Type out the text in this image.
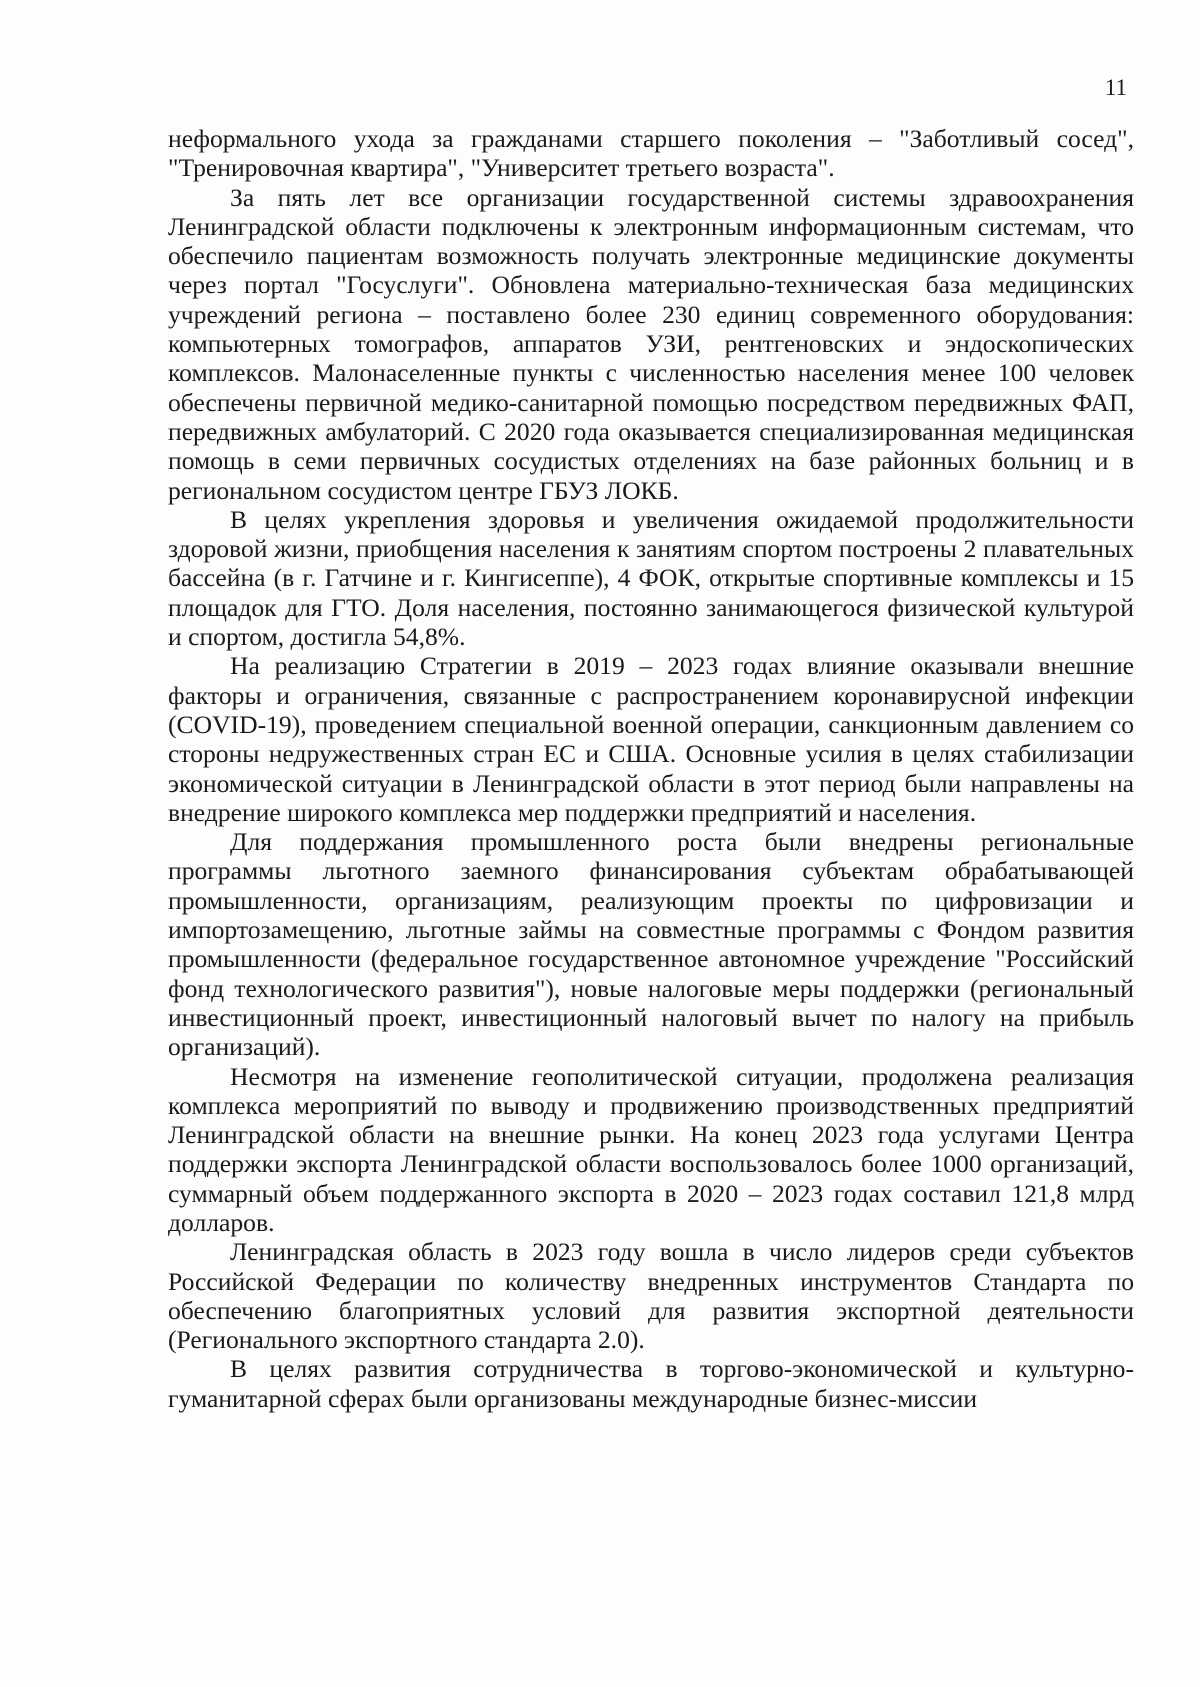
11

неформального ухода за гражданами старшего поколения – "Заботливый сосед", "Тренировочная квартира", "Университет третьего возраста".

За пять лет все организации государственной системы здравоохранения Ленинградской области подключены к электронным информационным системам, что обеспечило пациентам возможность получать электронные медицинские документы через портал "Госуслуги". Обновлена материально-техническая база медицинских учреждений региона – поставлено более 230 единиц современного оборудования: компьютерных томографов, аппаратов УЗИ, рентгеновских и эндоскопических комплексов. Малонаселенные пункты с численностью населения менее 100 человек обеспечены первичной медико-санитарной помощью посредством передвижных ФАП, передвижных амбулаторий. С 2020 года оказывается специализированная медицинская помощь в семи первичных сосудистых отделениях на базе районных больниц и в региональном сосудистом центре ГБУЗ ЛОКБ.

В целях укрепления здоровья и увеличения ожидаемой продолжительности здоровой жизни, приобщения населения к занятиям спортом построены 2 плавательных бассейна (в г. Гатчине и г. Кингисеппе), 4 ФОК, открытые спортивные комплексы и 15 площадок для ГТО. Доля населения, постоянно занимающегося физической культурой и спортом, достигла 54,8%.

На реализацию Стратегии в 2019 – 2023 годах влияние оказывали внешние факторы и ограничения, связанные с распространением коронавирусной инфекции (COVID-19), проведением специальной военной операции, санкционным давлением со стороны недружественных стран ЕС и США. Основные усилия в целях стабилизации экономической ситуации в Ленинградской области в этот период были направлены на внедрение широкого комплекса мер поддержки предприятий и населения.

Для поддержания промышленного роста были внедрены региональные программы льготного заемного финансирования субъектам обрабатывающей промышленности, организациям, реализующим проекты по цифровизации и импортозамещению, льготные займы на совместные программы с Фондом развития промышленности (федеральное государственное автономное учреждение "Российский фонд технологического развития"), новые налоговые меры поддержки (региональный инвестиционный проект, инвестиционный налоговый вычет по налогу на прибыль организаций).

Несмотря на изменение геополитической ситуации, продолжена реализация комплекса мероприятий по выводу и продвижению производственных предприятий Ленинградской области на внешние рынки. На конец 2023 года услугами Центра поддержки экспорта Ленинградской области воспользовалось более 1000 организаций, суммарный объем поддержанного экспорта в 2020 – 2023 годах составил 121,8 млрд долларов.

Ленинградская область в 2023 году вошла в число лидеров среди субъектов Российской Федерации по количеству внедренных инструментов Стандарта по обеспечению благоприятных условий для развития экспортной деятельности (Регионального экспортного стандарта 2.0).

В целях развития сотрудничества в торгово-экономической и культурно-гуманитарной сферах были организованы международные бизнес-миссии
